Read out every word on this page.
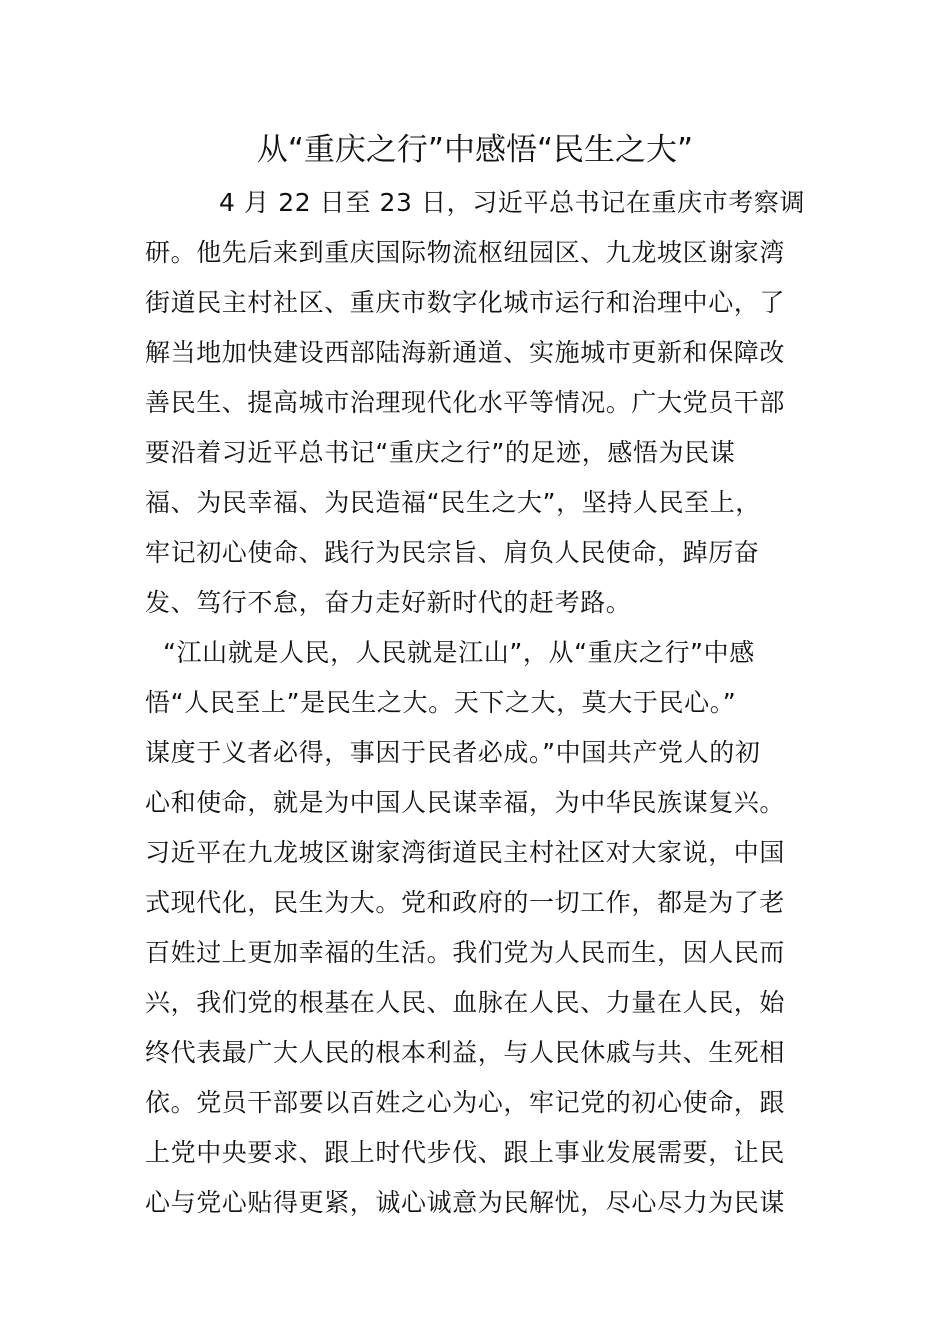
从“重庆之行”中感悟“民生之大”
4 月 22 日至 23 日，习近平总书记在重庆市考察调
研。他先后来到重庆国际物流枢纽园区、九龙坡区谢家湾
街道民主村社区、重庆市数字化城市运行和治理中心，了
解当地加快建设西部陆海新通道、实施城市更新和保障改
善民生、提高城市治理现代化水平等情况。广大党员干部
要沿着习近平总书记“重庆之行”的足迹，感悟为民谋
福、为民幸福、为民造福“民生之大”，坚持人民至上，
牢记初心使命、践行为民宗旨、肩负人民使命，踔厉奋
发、笃行不怠，奋力走好新时代的赶考路。
“江山就是人民，人民就是江山”，从“重庆之行”中感
悟“人民至上”是民生之大。天下之大，莫大于民心。”
谋度于义者必得，事因于民者必成。”中国共产党人的初
心和使命，就是为中国人民谋幸福，为中华民族谋复兴。
习近平在九龙坡区谢家湾街道民主村社区对大家说，中国
式现代化，民生为大。党和政府的一切工作，都是为了老
百姓过上更加幸福的生活。我们党为人民而生，因人民而
兴，我们党的根基在人民、血脉在人民、力量在人民，始
终代表最广大人民的根本利益，与人民休戚与共、生死相
依。党员干部要以百姓之心为心，牢记党的初心使命，跟
上党中央要求、跟上时代步伐、跟上事业发展需要，让民
心与党心贴得更紧，诚心诚意为民解忧，尽心尽力为民谋
